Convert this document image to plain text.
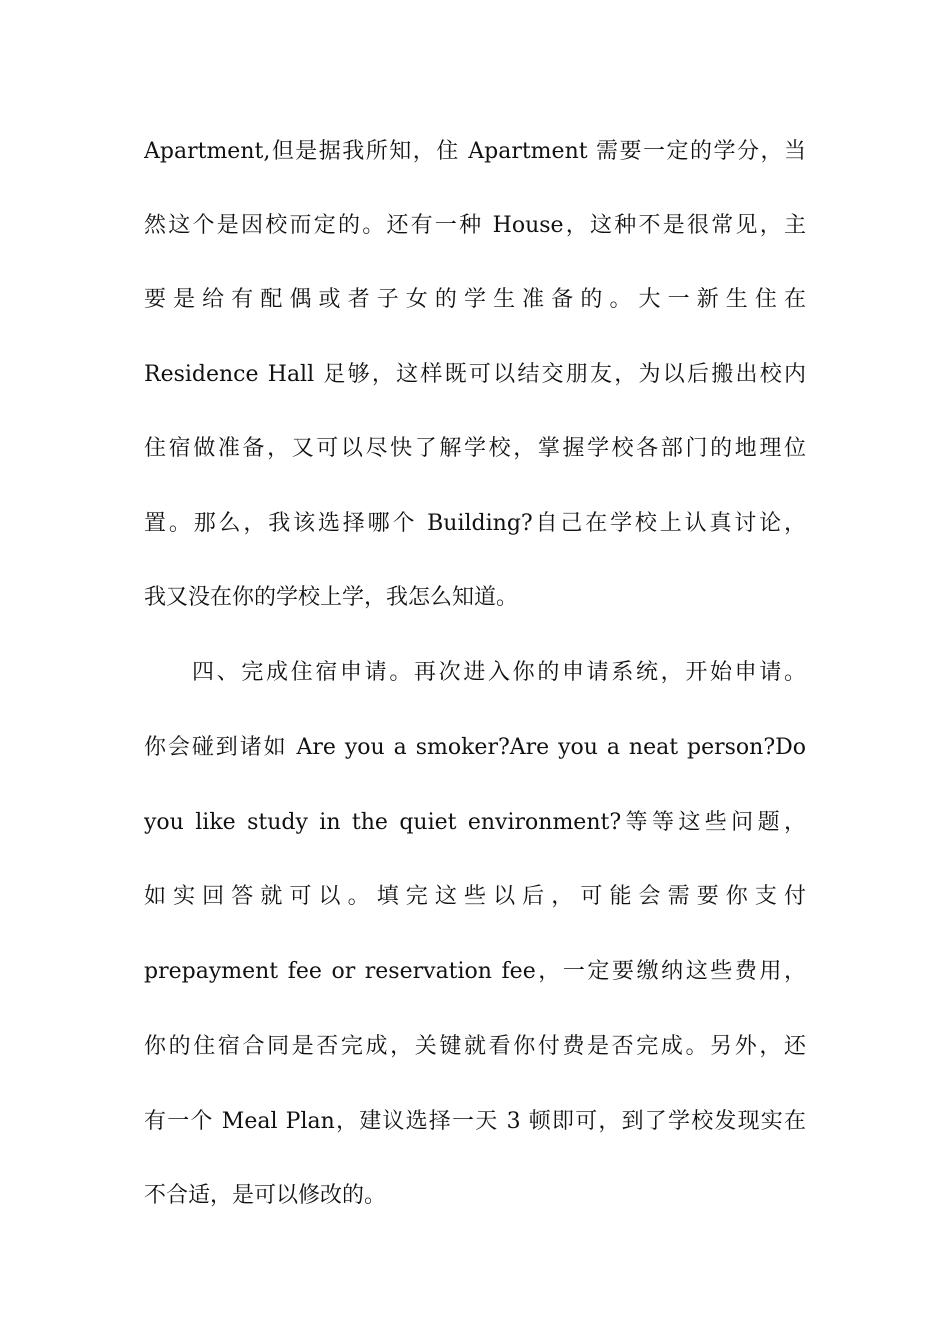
Apartment,但是据我所知，住 Apartment 需要一定的学分，当
然这个是因校而定的。还有一种 House，这种不是很常见，主
要是给有配偶或者子女的学生准备的。大一新生住在
Residence Hall 足够，这样既可以结交朋友，为以后搬出校内
住宿做准备，又可以尽快了解学校，掌握学校各部门的地理位
置。那么，我该选择哪个 Building?自己在学校上认真讨论，
我又没在你的学校上学，我怎么知道。
四、完成住宿申请。再次进入你的申请系统，开始申请。
你会碰到诸如 Are you a smoker?Are you a neat person?Do
you like study in the quiet environment?等等这些问题，
如实回答就可以。填完这些以后，可能会需要你支付
prepayment fee or reservation fee，一定要缴纳这些费用，
你的住宿合同是否完成，关键就看你付费是否完成。另外，还
有一个 Meal Plan，建议选择一天 3 顿即可，到了学校发现实在
不合适，是可以修改的。
